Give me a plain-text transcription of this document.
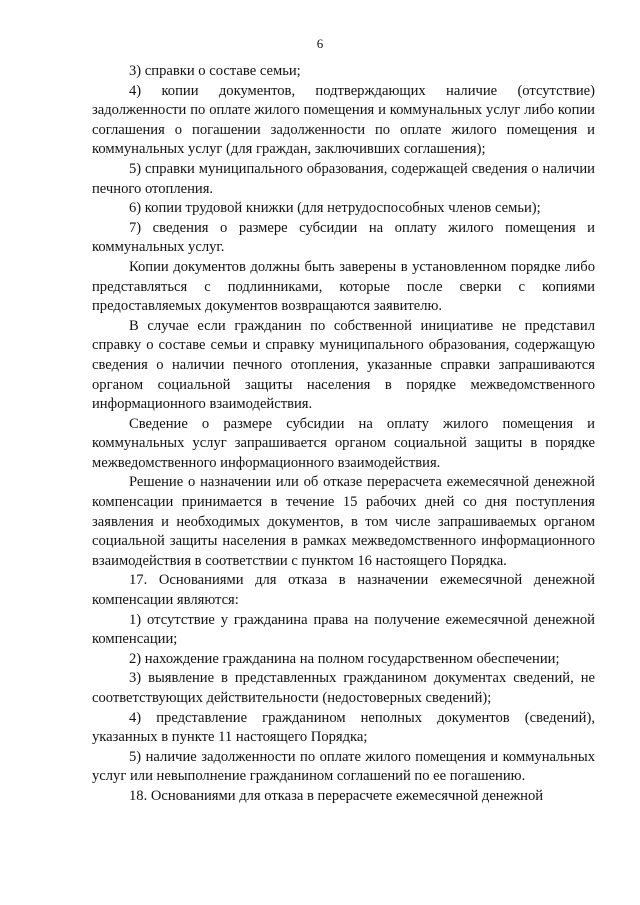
6

3) справки о составе семьи;

4) копии документов, подтверждающих наличие (отсутствие) задолженности по оплате жилого помещения и коммунальных услуг либо копии соглашения о погашении задолженности по оплате жилого помещения и коммунальных услуг (для граждан, заключивших соглашения);

5) справки муниципального образования, содержащей сведения о наличии печного отопления.

6) копии трудовой книжки (для нетрудоспособных членов семьи);

7) сведения о размере субсидии на оплату жилого помещения и коммунальных услуг.

Копии документов должны быть заверены в установленном порядке либо представляться с подлинниками, которые после сверки с копиями предоставляемых документов возвращаются заявителю.

В случае если гражданин по собственной инициативе не представил справку о составе семьи и справку муниципального образования, содержащую сведения о наличии печного отопления, указанные справки запрашиваются органом социальной защиты населения в порядке межведомственного информационного взаимодействия.

Сведение о размере субсидии на оплату жилого помещения и коммунальных услуг запрашивается органом социальной защиты в порядке межведомственного информационного взаимодействия.

Решение о назначении или об отказе перерасчета ежемесячной денежной компенсации принимается в течение 15 рабочих дней со дня поступления заявления и необходимых документов, в том числе запрашиваемых органом социальной защиты населения в рамках межведомственного информационного взаимодействия в соответствии с пунктом 16 настоящего Порядка.

17. Основаниями для отказа в назначении ежемесячной денежной компенсации являются:

1) отсутствие у гражданина права на получение ежемесячной денежной компенсации;

2) нахождение гражданина на полном государственном обеспечении;

3) выявление в представленных гражданином документах сведений, не соответствующих действительности (недостоверных сведений);

4) представление гражданином неполных документов (сведений), указанных в пункте 11 настоящего Порядка;

5) наличие задолженности по оплате жилого помещения и коммунальных услуг или невыполнение гражданином соглашений по ее погашению.

18. Основаниями для отказа в перерасчете ежемесячной денежной
